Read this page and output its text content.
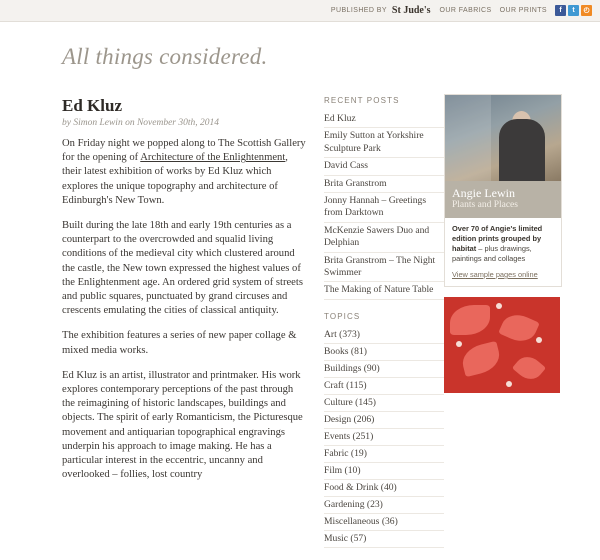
PUBLISHED BY St Jude's OUR FABRICS OUR PRINTS	f	t	◴
All things considered.
Ed Kluz
by Simon Lewin on November 30th, 2014

On Friday night we popped along to The Scottish Gallery for the opening of Architecture of the Enlightenment, their latest exhibition of works by Ed Kluz which explores the unique topography and architecture of Edinburgh's New Town.

Built during the late 18th and early 19th centuries as a counterpart to the overcrowded and squalid living conditions of the medieval city which clustered around the castle, the New town expressed the highest values of the Enlightenment age. An ordered grid system of streets and public squares, punctuated by grand circuses and crescents emulating the cities of classical antiquity.

The exhibition features a series of new paper collage & mixed media works.

Ed Kluz is an artist, illustrator and printmaker. His work explores contemporary perceptions of the past through the reimagining of historic landscapes, buildings and objects. The spirit of early Romanticism, the Picturesque movement and antiquarian topographical engravings underpin his approach to image making. He has a particular interest in the eccentric, uncanny and overlooked – follies, lost country

RECENT POSTS
Ed Kluz
Emily Sutton at Yorkshire Sculpture Park
David Cass
Brita Granstrom
Jonny Hannah – Greetings from Darktown
McKenzie Sawers Duo and Delphian
Brita Granstrom – The Night Swimmer
The Making of Nature Table
TOPICS
Art (373)
Books (81)
Buildings (90)
Craft (115)
Culture (145)
Design (206)
Events (251)
Fabric (19)
Film (10)
Food & Drink (40)
Gardening (23)
Miscellaneous (36)
Music (57)
Angie Lewin
Plants and Places
Over 70 of Angie's limited edition prints grouped by habitat – plus drawings, paintings and collages
View sample pages online
